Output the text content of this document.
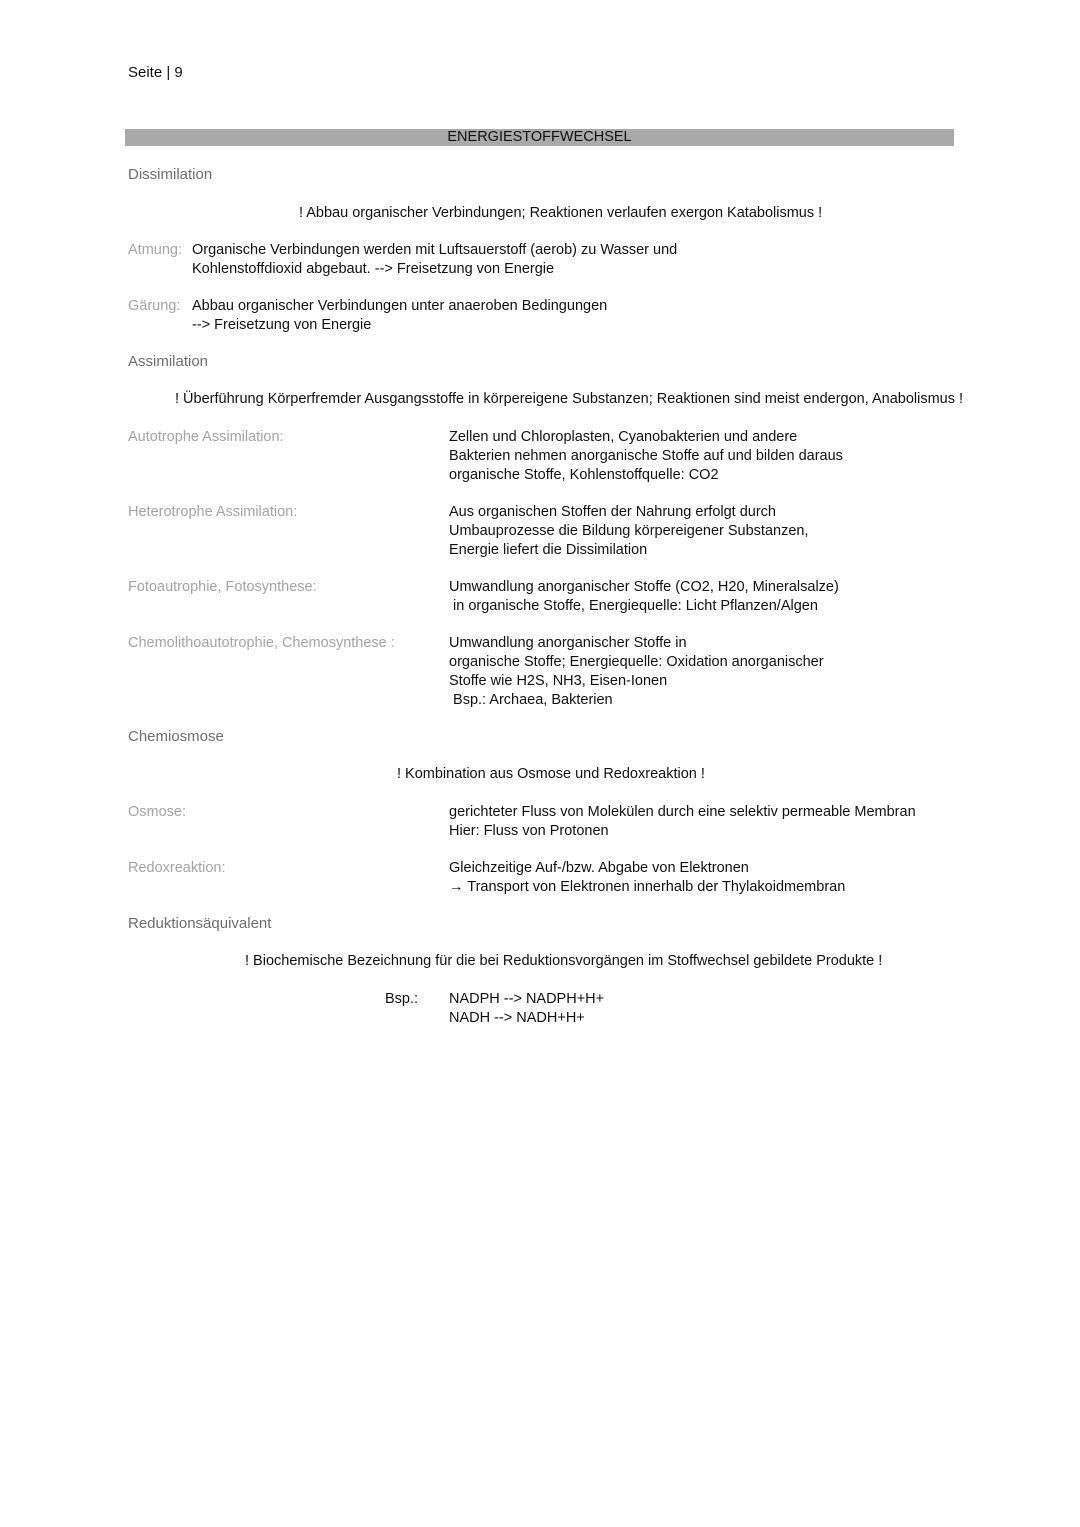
Seite | 9
ENERGIESTOFFWECHSEL
Dissimilation
! Abbau organischer Verbindungen; Reaktionen verlaufen exergon Katabolismus !
Atmung: Organische Verbindungen werden mit Luftsauerstoff (aerob) zu Wasser und
Kohlenstoffdioxid abgebaut. --> Freisetzung von Energie
Gärung: Abbau organischer Verbindungen unter anaeroben Bedingungen
--> Freisetzung von Energie
Assimilation
! Überführung Körperfremder Ausgangsstoffe in körpereigene Substanzen; Reaktionen sind meist endergon, Anabolismus !
Autotrophe Assimilation:	Zellen und Chloroplasten, Cyanobakterien und andere
Bakterien nehmen anorganische Stoffe auf und bilden daraus
organische Stoffe, Kohlenstoffquelle: CO2
Heterotrophe Assimilation:	Aus organischen Stoffen der Nahrung erfolgt durch
Umbauprozesse die Bildung körpereigener Substanzen,
Energie liefert die Dissimilation
Fotoautrophie, Fotosynthese:	Umwandlung anorganischer Stoffe (CO2, H20, Mineralsalze)
in organische Stoffe, Energiequelle: Licht Pflanzen/Algen
Chemolithoautotrophie, Chemosynthese :	Umwandlung anorganischer Stoffe in
organische Stoffe; Energiequelle: Oxidation anorganischer
Stoffe wie H2S, NH3, Eisen-Ionen
Bsp.: Archaea, Bakterien
Chemiosmose
! Kombination aus Osmose und Redoxreaktion !
Osmose:	gerichteter Fluss von Molekülen durch eine selektiv permeable Membran
Hier: Fluss von Protonen
Redoxreaktion:	Gleichzeitige Auf-/bzw. Abgabe von Elektronen
→ Transport von Elektronen innerhalb der Thylakoidmembran
Reduktionsäquivalent
! Biochemische Bezeichnung für die bei Reduktionsvorgängen im Stoffwechsel gebildete Produkte !
Bsp.: NADPH --> NADPH+H+
NADH --> NADH+H+
